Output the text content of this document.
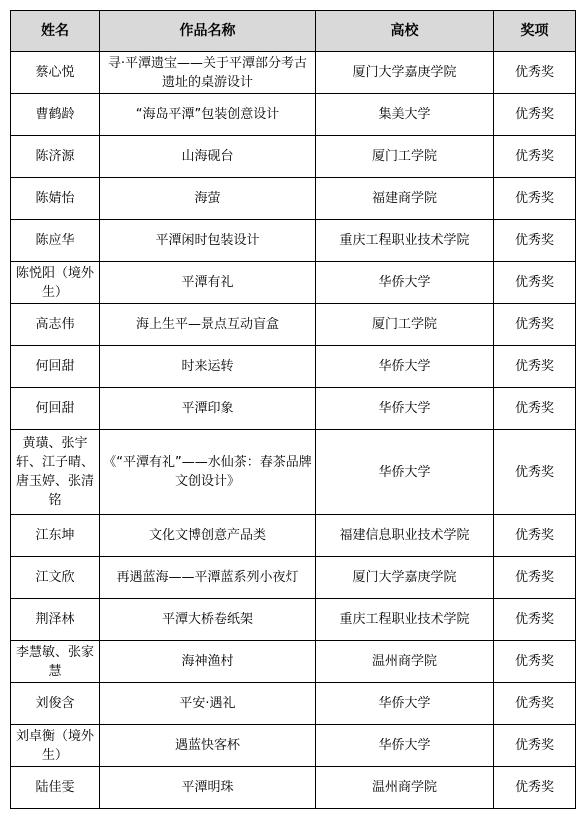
姓名	作品名称	高校	奖项
蔡心悦	寻·平潭遗宝——关于平潭部分考古遗址的桌游设计	厦门大学嘉庚学院	优秀奖
曹鹤龄	“海岛平潭”包装创意设计	集美大学	优秀奖
陈济源	山海砚台	厦门工学院	优秀奖
陈婧怡	海萤	福建商学院	优秀奖
陈应华	平潭闲时包装设计	重庆工程职业技术学院	优秀奖
陈悦阳（境外生）	平潭有礼	华侨大学	优秀奖
高志伟	海上生平—景点互动盲盒	厦门工学院	优秀奖
何回甜	时来运转	华侨大学	优秀奖
何回甜	平潭印象	华侨大学	优秀奖
黄璜、张宇轩、江子晴、唐玉婷、张清铭	《“平潭有礼”——水仙茶：春茶品牌文创设计》	华侨大学	优秀奖
江东坤	文化文博创意产品类	福建信息职业技术学院	优秀奖
江文欣	再遇蓝海——平潭蓝系列小夜灯	厦门大学嘉庚学院	优秀奖
荆泽林	平潭大桥卷纸架	重庆工程职业技术学院	优秀奖
李慧敏、张家慧	海神渔村	温州商学院	优秀奖
刘俊含	平安·遇礼	华侨大学	优秀奖
刘卓衡（境外生）	遇蓝快客杯	华侨大学	优秀奖
陆佳雯	平潭明珠	温州商学院	优秀奖
